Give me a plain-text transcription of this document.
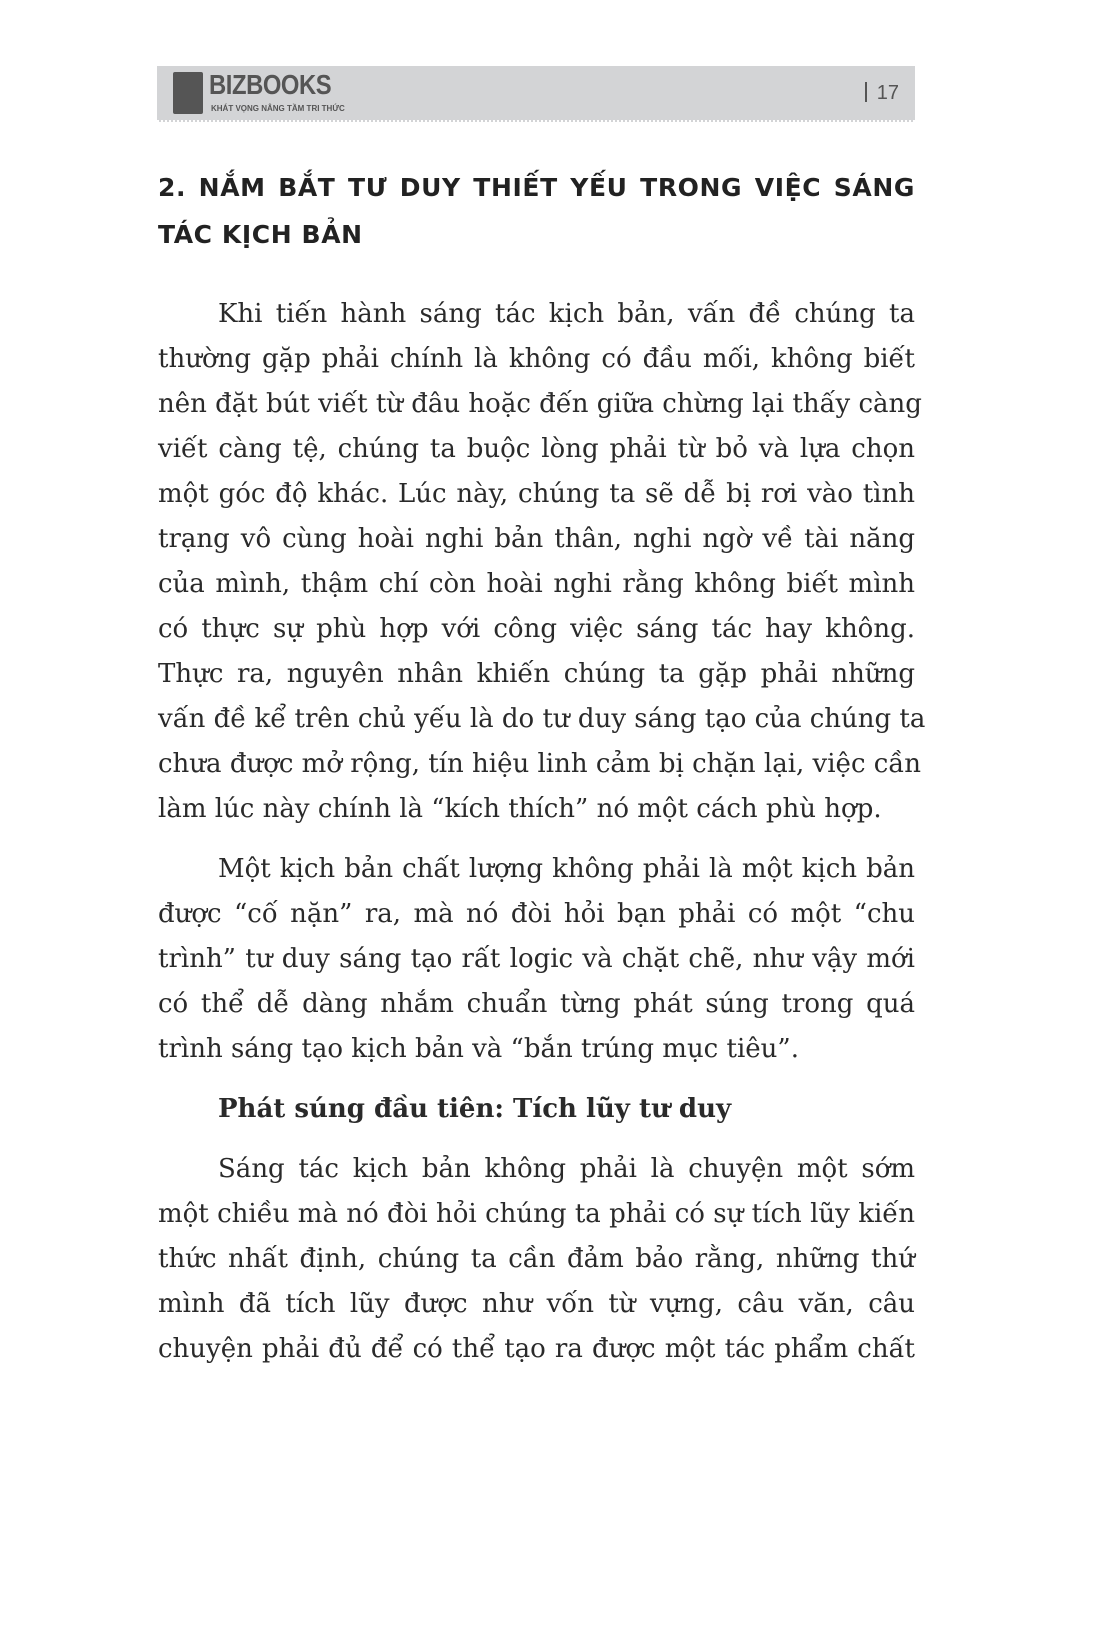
BIZBOOKS
KHÁT VỌNG NÂNG TẦM TRI THỨC
17
2. NẮM BẮT TƯ DUY THIẾT YẾU TRONG VIỆC SÁNG
TÁC KỊCH BẢN
Khi tiến hành sáng tác kịch bản, vấn đề chúng ta
thường gặp phải chính là không có đầu mối, không biết
nên đặt bút viết từ đâu hoặc đến giữa chừng lại thấy càng
viết càng tệ, chúng ta buộc lòng phải từ bỏ và lựa chọn
một góc độ khác. Lúc này, chúng ta sẽ dễ bị rơi vào tình
trạng vô cùng hoài nghi bản thân, nghi ngờ về tài năng
của mình, thậm chí còn hoài nghi rằng không biết mình
có thực sự phù hợp với công việc sáng tác hay không.
Thực ra, nguyên nhân khiến chúng ta gặp phải những
vấn đề kể trên chủ yếu là do tư duy sáng tạo của chúng ta
chưa được mở rộng, tín hiệu linh cảm bị chặn lại, việc cần
làm lúc này chính là “kích thích” nó một cách phù hợp.
Một kịch bản chất lượng không phải là một kịch bản
được “cố nặn” ra, mà nó đòi hỏi bạn phải có một “chu
trình” tư duy sáng tạo rất logic và chặt chẽ, như vậy mới
có thể dễ dàng nhắm chuẩn từng phát súng trong quá
trình sáng tạo kịch bản và “bắn trúng mục tiêu”.
Phát súng đầu tiên: Tích lũy tư duy
Sáng tác kịch bản không phải là chuyện một sớm
một chiều mà nó đòi hỏi chúng ta phải có sự tích lũy kiến
thức nhất định, chúng ta cần đảm bảo rằng, những thứ
mình đã tích lũy được như vốn từ vựng, câu văn, câu
chuyện phải đủ để có thể tạo ra được một tác phẩm chất
